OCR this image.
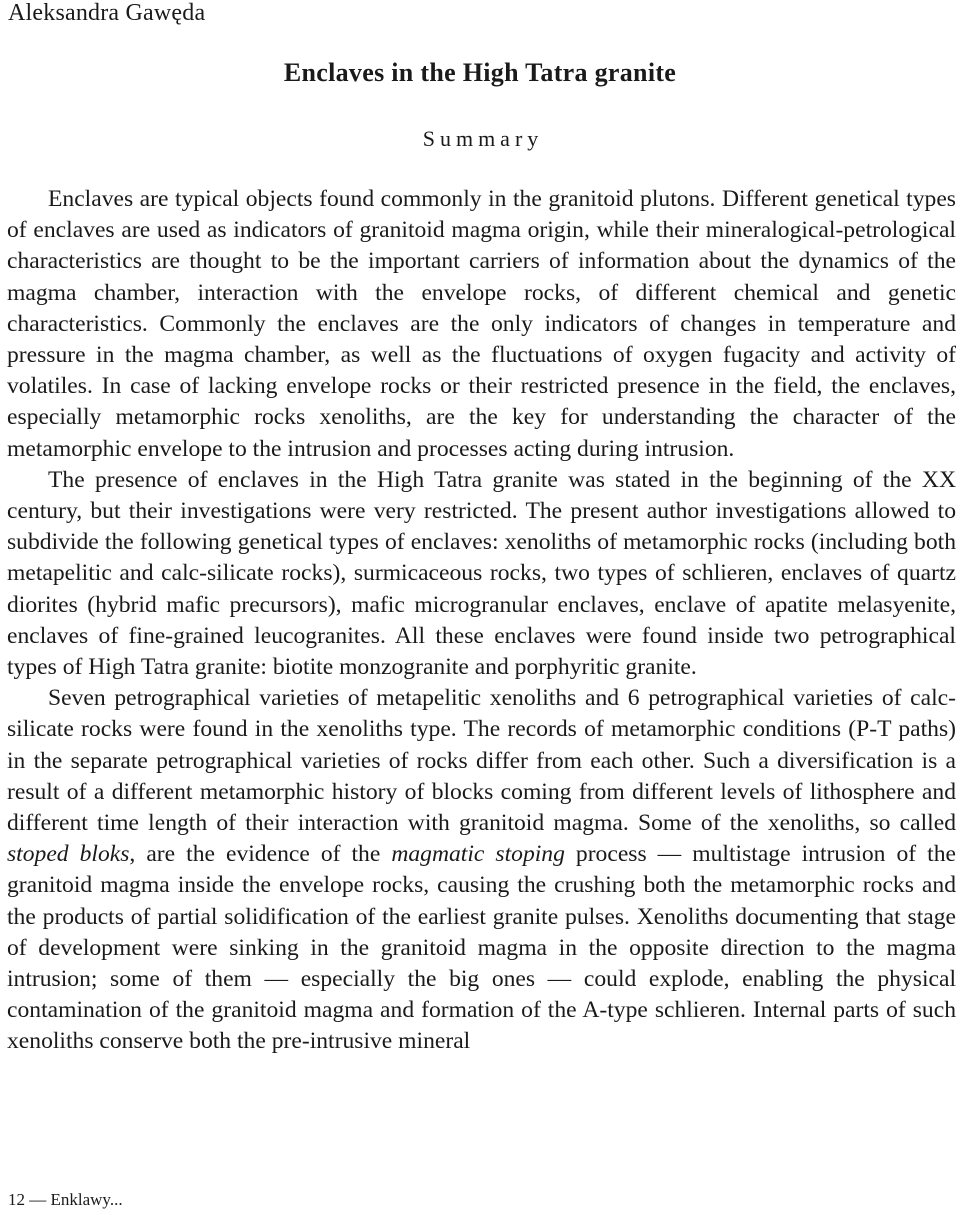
Aleksandra Gawęda
Enclaves in the High Tatra granite
Summary

Enclaves are typical objects found commonly in the granitoid plutons. Different genetical types of enclaves are used as indicators of granitoid magma origin, while their mineralogical-petrological characteristics are thought to be the important carriers of information about the dynamics of the magma chamber, interaction with the envelope rocks, of different chemical and genetic characteristics. Commonly the enclaves are the only indicators of changes in temperature and pressure in the magma chamber, as well as the fluctuations of oxygen fugacity and activity of volatiles. In case of lacking envelope rocks or their restricted presence in the field, the enclaves, especially metamorphic rocks xenoliths, are the key for understanding the character of the metamorphic envelope to the intrusion and processes acting during intrusion.

The presence of enclaves in the High Tatra granite was stated in the beginning of the XX century, but their investigations were very restricted. The present author investigations allowed to subdivide the following genetical types of enclaves: xenoliths of metamorphic rocks (including both metapelitic and calc-silicate rocks), surmicaceous rocks, two types of schlieren, enclaves of quartz diorites (hybrid mafic precursors), mafic microgranular enclaves, enclave of apatite melasyenite, enclaves of fine-grained leucogranites. All these enclaves were found inside two petrographical types of High Tatra granite: biotite monzogranite and porphyritic granite.

Seven petrographical varieties of metapelitic xenoliths and 6 petrographical varieties of calc-silicate rocks were found in the xenoliths type. The records of metamorphic conditions (P-T paths) in the separate petrographical varieties of rocks differ from each other. Such a diversification is a result of a different metamorphic history of blocks coming from different levels of lithosphere and different time length of their interaction with granitoid magma. Some of the xenoliths, so called stoped bloks, are the evidence of the magmatic stoping process — multistage intrusion of the granitoid magma inside the envelope rocks, causing the crushing both the metamorphic rocks and the products of partial solidification of the earliest granite pulses. Xenoliths documenting that stage of development were sinking in the granitoid magma in the opposite direction to the magma intrusion; some of them — especially the big ones — could explode, enabling the physical contamination of the granitoid magma and formation of the A-type schlieren. Internal parts of such xenoliths conserve both the pre-intrusive mineral

12 — Enklawy...
